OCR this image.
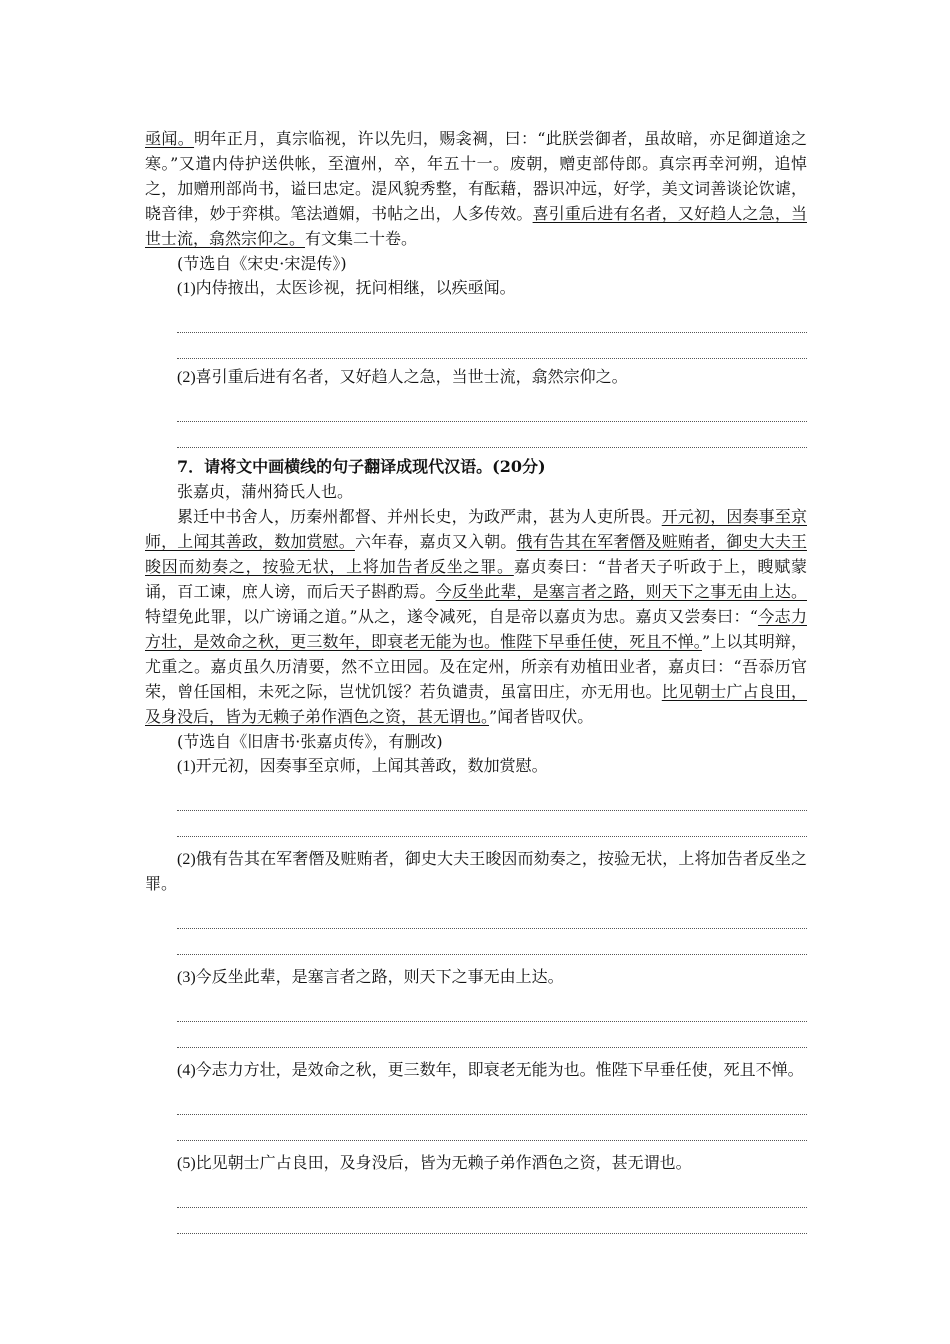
亟闻。明年正月，真宗临视，许以先归，赐衾裯，曰：“此朕尝御者，虽故暗，亦足御道途之寒。”又遣内侍护送供帐，至澶州，卒，年五十一。废朝，赠吏部侍郎。真宗再幸河朔，追悼之，加赠刑部尚书，谥曰忠定。湜风貌秀整，有酝藉，器识冲远，好学，美文词善谈论饮谑，晓音律，妙于弈棋。笔法遒媚，书帖之出，人多传效。喜引重后进有名者，又好趋人之急，当世士流，翕然宗仰之。有文集二十卷。

(节选自《宋史·宋湜传》)

(1)内侍掖出，太医诊视，抚问相继，以疾亟闻。

(2)喜引重后进有名者，又好趋人之急，当世士流，翕然宗仰之。

7．请将文中画横线的句子翻译成现代汉语。(20分)

张嘉贞，蒲州猗氏人也。

累迁中书舍人，历秦州都督、并州长史，为政严肃，甚为人吏所畏。开元初，因奏事至京师，上闻其善政，数加赏慰。六年春，嘉贞又入朝。俄有告其在军奢僭及赃贿者，御史大夫王晙因而劾奏之，按验无状，上将加告者反坐之罪。嘉贞奏曰：“昔者天子听政于上，瞍赋蒙诵，百工谏，庶人谤，而后天子斟酌焉。今反坐此辈，是塞言者之路，则天下之事无由上达。特望免此罪，以广谤诵之道。”从之，遂令减死，自是帝以嘉贞为忠。嘉贞又尝奏曰：“今志力方壮，是效命之秋，更三数年，即衰老无能为也。惟陛下早垂任使，死且不惮。”上以其明辩，尤重之。嘉贞虽久历清要，然不立田园。及在定州，所亲有劝植田业者，嘉贞曰：“吾忝历官荣，曾任国相，未死之际，岂忧饥馁？若负谴责，虽富田庄，亦无用也。比见朝士广占良田，及身没后，皆为无赖子弟作酒色之资，甚无谓也。”闻者皆叹伏。

(节选自《旧唐书·张嘉贞传》，有删改)

(1)开元初，因奏事至京师，上闻其善政，数加赏慰。

(2)俄有告其在军奢僭及赃贿者，御史大夫王晙因而劾奏之，按验无状，上将加告者反坐之罪。

(3)今反坐此辈，是塞言者之路，则天下之事无由上达。

(4)今志力方壮，是效命之秋，更三数年，即衰老无能为也。惟陛下早垂任使，死且不惮。

(5)比见朝士广占良田，及身没后，皆为无赖子弟作酒色之资，甚无谓也。
